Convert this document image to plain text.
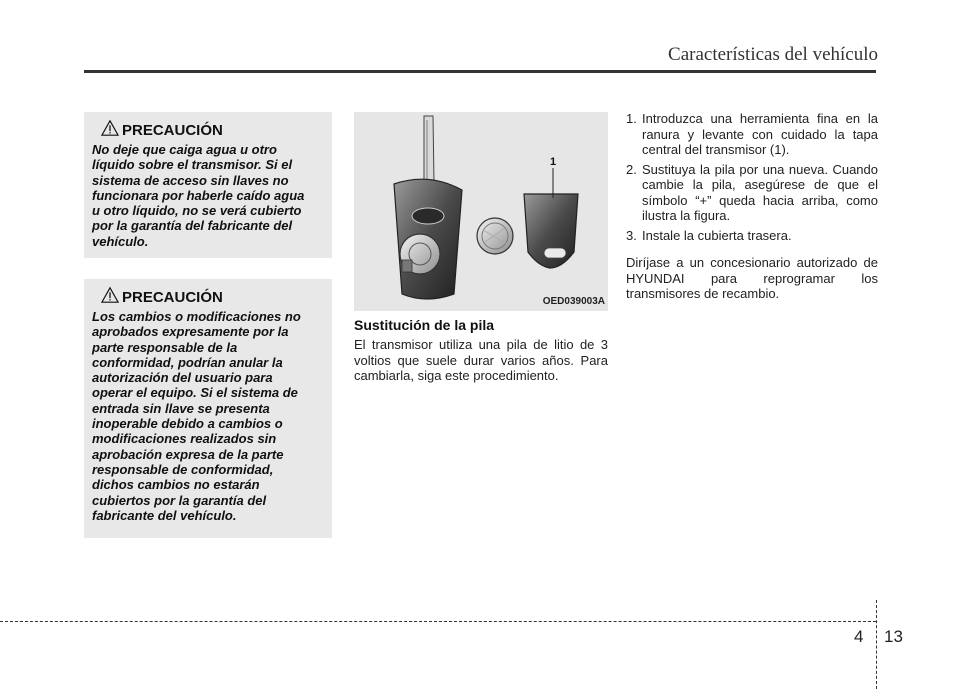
Características del vehículo
PRECAUCIÓN
No deje que caiga agua u otro
líquido sobre el transmisor. Si el
sistema de acceso sin llaves no
funcionara por haberle caído agua
u otro líquido, no se verá cubierto
por la garantía del fabricante del
vehículo.
PRECAUCIÓN
Los cambios o modificaciones no
aprobados expresamente por la
parte responsable de la
conformidad, podrían anular la
autorización del usuario para
operar el equipo. Si el sistema de
entrada sin llave se presenta
inoperable debido a cambios o
modificaciones realizados sin
aprobación expresa de la parte
responsable de conformidad,
dichos cambios no estarán
cubiertos por la garantía del
fabricante del vehículo.
1
OED039003A
Sustitución de la pila
El transmisor utiliza una pila de litio de 3 voltios que suele durar varios años. Para cambiarla, siga este procedimiento.
1. Introduzca una herramienta fina en la ranura y levante con cuidado la tapa central del transmisor (1).
2. Sustituya la pila por una nueva. Cuando cambie la pila, asegúrese de que el símbolo “+” queda hacia arriba, como ilustra la figura.
3. Instale la cubierta trasera.
Diríjase a un concesionario autorizado de HYUNDAI para reprogramar los transmisores de recambio.
4 13
